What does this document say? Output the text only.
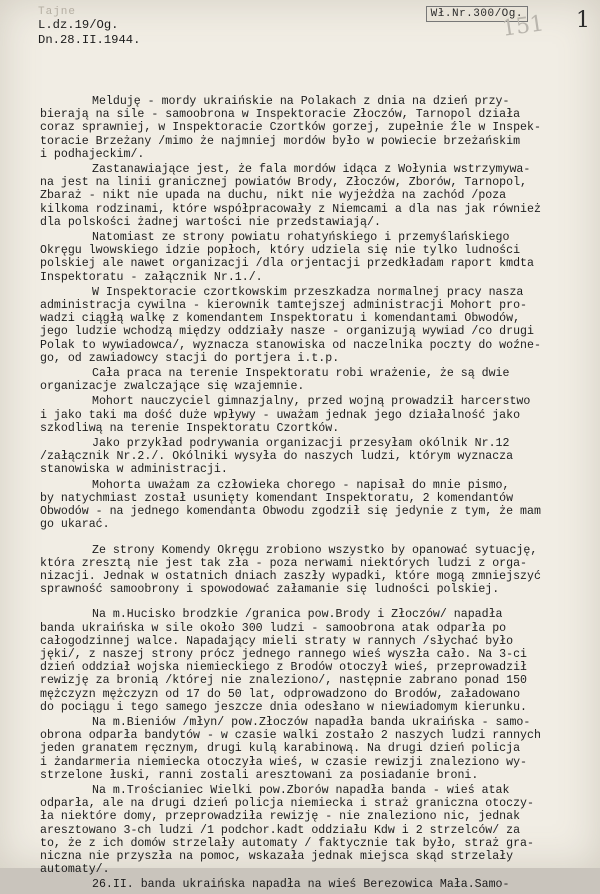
Tajne	Wł.Nr.300/Og.
151 1
L.dz.19/Og.
Dn.28.II.1944.

Melduję - mordy ukraińskie na Polakach z dnia na dzień przy-
bierają na sile - samoobrona w Inspektoracie Złoczów, Tarnopol działa
coraz sprawniej, w Inspektoracie Czortków gorzej, zupełnie źle w Inspek-
toracie Brzeżany /mimo że najmniej mordów było w powiecie brzeżańskim
i podhajeckim/.

Zastanawiające jest, że fala mordów idąca z Wołynia wstrzymywa-
na jest na linii granicznej powiatów Brody, Złoczów, Zborów, Tarnopol,
Zbaraż - nikt nie upada na duchu, nikt nie wyjeżdża na zachód /poza
kilkoma rodzinami, które współpracowały z Niemcami a dla nas jak również
dla polskości żadnej wartości nie przedstawiają/.

Natomiast ze strony powiatu rohatyńskiego i przemyślańskiego
Okręgu lwowskiego idzie popłoch, który udziela się nie tylko ludności
polskiej ale nawet organizacji /dla orjentacji przedkładam raport kmdta
Inspektoratu - załącznik Nr.1./.

W Inspektoracie czortkowskim przeszkadza normalnej pracy nasza
administracja cywilna - kierownik tamtejszej administracji Mohort pro-
wadzi ciągłą walkę z komendantem Inspektoratu i komendantami Obwodów,
jego ludzie wchodzą między oddziały nasze - organizują wywiad /co drugi
Polak to wywiadowca/, wyznacza stanowiska od naczelnika poczty do woźne-
go, od zawiadowcy stacji do portjera i.t.p.

Cała praca na terenie Inspektoratu robi wrażenie, że są dwie
organizacje zwalczające się wzajemnie.

Mohort nauczyciel gimnazjalny, przed wojną prowadził harcerstwo
i jako taki ma dość duże wpływy - uważam jednak jego działalność jako
szkodliwą na terenie Inspektoratu Czortków.

Jako przykład podrywania organizacji przesyłam okólnik Nr.12
/załącznik Nr.2./. Okólniki wysyła do naszych ludzi, którym wyznacza
stanowiska w administracji.

Mohorta uważam za człowieka chorego - napisał do mnie pismo,
by natychmiast został usunięty komendant Inspektoratu, 2 komendantów
Obwodów - na jednego komendanta Obwodu zgodził się jedynie z tym, że mam
go ukarać.

Ze strony Komendy Okręgu zrobiono wszystko by opanować sytuację,
która zresztą nie jest tak zła - poza nerwami niektórych ludzi z orga-
nizacji. Jednak w ostatnich dniach zaszły wypadki, które mogą zmniejszyć
sprawność samoobrony i spowodować załamanie się ludności polskiej.

Na m.Hucisko brodzkie /granica pow.Brody i Złoczów/ napadła
banda ukraińska w sile około 300 ludzi - samoobrona atak odparła po
całogodzinnej walce. Napadający mieli straty w rannych /słychać było
jęki/, z naszej strony prócz jednego rannego wieś wyszła cało. Na 3-ci
dzień oddział wojska niemieckiego z Brodów otoczył wieś, przeprowadził
rewizję za bronią /której nie znaleziono/, następnie zabrano ponad 150
mężczyzn mężczyzn od 17 do 50 lat, odprowadzono do Brodów, załadowano
do pociągu i tego samego jeszcze dnia odesłano w niewiadomym kierunku.

Na m.Bieniów /młyn/ pow.Złoczów napadła banda ukraińska - samo-
obrona odparła bandytów - w czasie walki zostało 2 naszych ludzi rannych
jeden granatem ręcznym, drugi kulą karabinową. Na drugi dzień policja
i żandarmeria niemiecka otoczyła wieś, w czasie rewizji znaleziono wy-
strzelone łuski, ranni zostali aresztowani za posiadanie broni.

Na m.Trościaniec Wielki pow.Zborów napadła banda - wieś atak
odparła, ale na drugi dzień policja niemiecka i straż graniczna otoczy-
ła niektóre domy, przeprowadziła rewizję - nie znaleziono nic, jednak
aresztowano 3-ch ludzi /1 podchor.kadt oddziału Kdw i 2 strzelców/ za
to, że z ich domów strzelały automaty / faktycznie tak było, straż gra-
niczna nie przyszła na pomoc, wskazała jednak miejsca skąd strzelały
automaty/.

26.II. banda ukraińska napadła na wieś Berezowica Mała.Samo-
